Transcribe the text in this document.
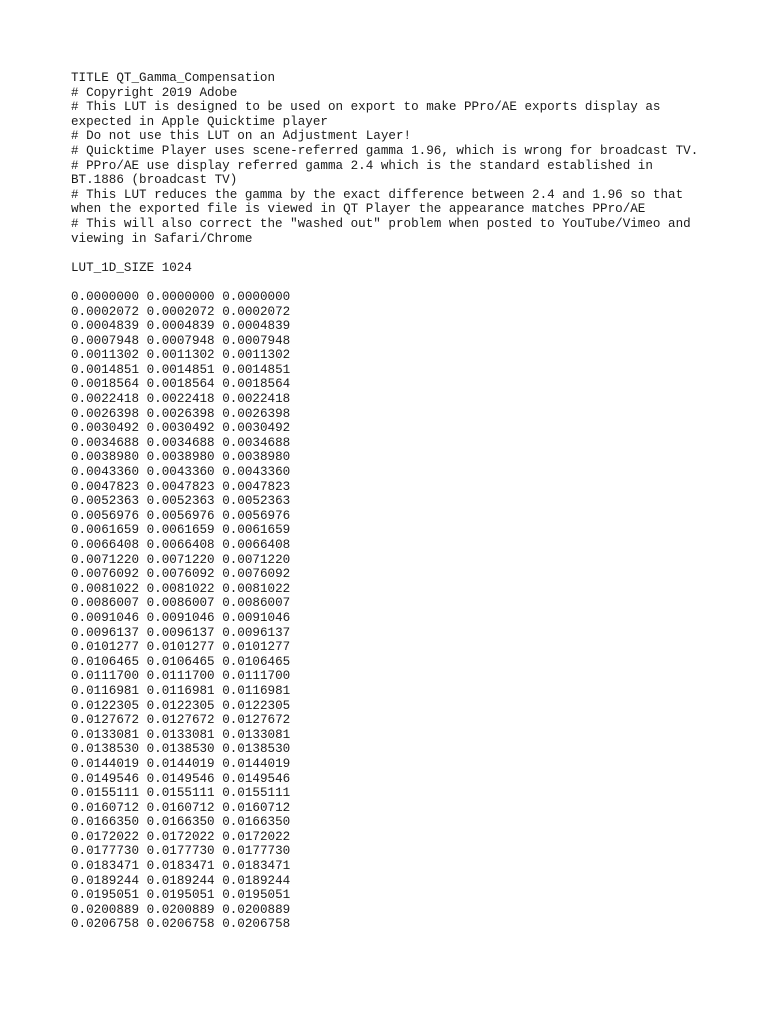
TITLE QT_Gamma_Compensation
# Copyright 2019 Adobe
# This LUT is designed to be used on export to make PPro/AE exports display as
expected in Apple Quicktime player
# Do not use this LUT on an Adjustment Layer!
# Quicktime Player uses scene-referred gamma 1.96, which is wrong for broadcast TV.
# PPro/AE use display referred gamma 2.4 which is the standard established in
BT.1886 (broadcast TV)
# This LUT reduces the gamma by the exact difference between 2.4 and 1.96 so that
when the exported file is viewed in QT Player the appearance matches PPro/AE
# This will also correct the "washed out" problem when posted to YouTube/Vimeo and
viewing in Safari/Chrome
LUT_1D_SIZE 1024
0.0000000 0.0000000 0.0000000
0.0002072 0.0002072 0.0002072
0.0004839 0.0004839 0.0004839
0.0007948 0.0007948 0.0007948
0.0011302 0.0011302 0.0011302
0.0014851 0.0014851 0.0014851
0.0018564 0.0018564 0.0018564
0.0022418 0.0022418 0.0022418
0.0026398 0.0026398 0.0026398
0.0030492 0.0030492 0.0030492
0.0034688 0.0034688 0.0034688
0.0038980 0.0038980 0.0038980
0.0043360 0.0043360 0.0043360
0.0047823 0.0047823 0.0047823
0.0052363 0.0052363 0.0052363
0.0056976 0.0056976 0.0056976
0.0061659 0.0061659 0.0061659
0.0066408 0.0066408 0.0066408
0.0071220 0.0071220 0.0071220
0.0076092 0.0076092 0.0076092
0.0081022 0.0081022 0.0081022
0.0086007 0.0086007 0.0086007
0.0091046 0.0091046 0.0091046
0.0096137 0.0096137 0.0096137
0.0101277 0.0101277 0.0101277
0.0106465 0.0106465 0.0106465
0.0111700 0.0111700 0.0111700
0.0116981 0.0116981 0.0116981
0.0122305 0.0122305 0.0122305
0.0127672 0.0127672 0.0127672
0.0133081 0.0133081 0.0133081
0.0138530 0.0138530 0.0138530
0.0144019 0.0144019 0.0144019
0.0149546 0.0149546 0.0149546
0.0155111 0.0155111 0.0155111
0.0160712 0.0160712 0.0160712
0.0166350 0.0166350 0.0166350
0.0172022 0.0172022 0.0172022
0.0177730 0.0177730 0.0177730
0.0183471 0.0183471 0.0183471
0.0189244 0.0189244 0.0189244
0.0195051 0.0195051 0.0195051
0.0200889 0.0200889 0.0200889
0.0206758 0.0206758 0.0206758
